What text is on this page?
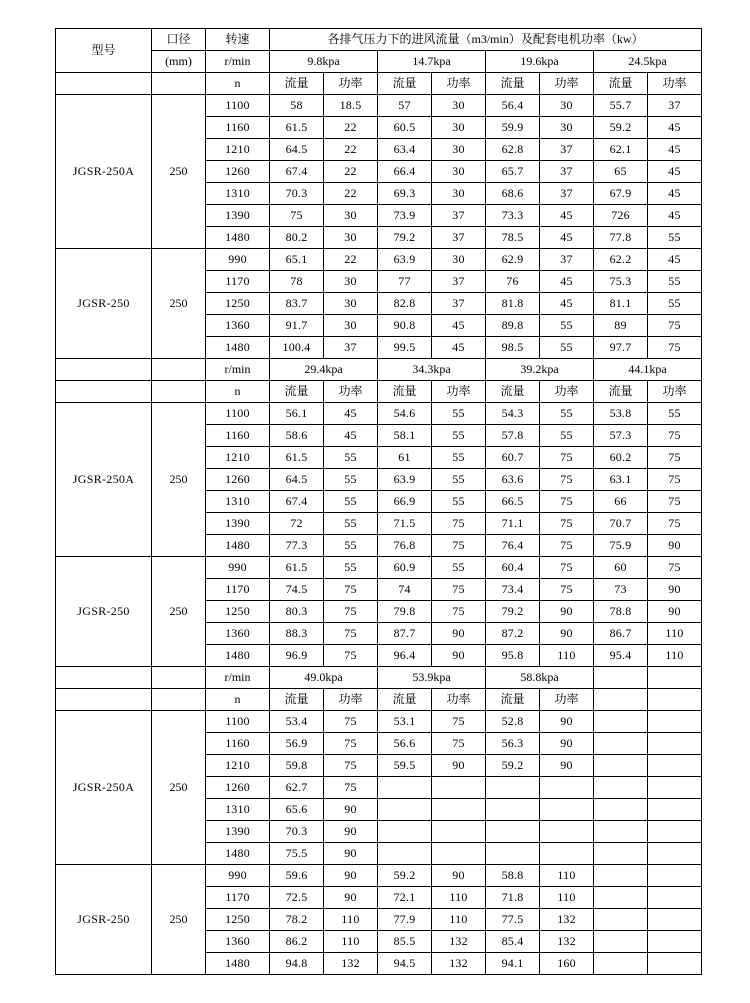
型号	口径	转速	各排气压力下的进风流量（m3/min）及配套电机功率（kw）							
	(mm)	r/min	9.8kpa		14.7kpa		19.6kpa		24.5kpa	
		n	流量	功率	流量	功率	流量	功率	流量	功率
JGSR-250A	250	1100	58	18.5	57	30	56.4	30	55.7	37
		1160	61.5	22	60.5	30	59.9	30	59.2	45
		1210	64.5	22	63.4	30	62.8	37	62.1	45
		1260	67.4	22	66.4	30	65.7	37	65	45
		1310	70.3	22	69.3	30	68.6	37	67.9	45
		1390	75	30	73.9	37	73.3	45	726	45
		1480	80.2	30	79.2	37	78.5	45	77.8	55
JGSR-250	250	990	65.1	22	63.9	30	62.9	37	62.2	45
		1170	78	30	77	37	76	45	75.3	55
		1250	83.7	30	82.8	37	81.8	45	81.1	55
		1360	91.7	30	90.8	45	89.8	55	89	75
		1480	100.4	37	99.5	45	98.5	55	97.7	75
		r/min	29.4kpa		34.3kpa		39.2kpa		44.1kpa	
		n	流量	功率	流量	功率	流量	功率	流量	功率
JGSR-250A	250	1100	56.1	45	54.6	55	54.3	55	53.8	55
		1160	58.6	45	58.1	55	57.8	55	57.3	75
		1210	61.5	55	61	55	60.7	75	60.2	75
		1260	64.5	55	63.9	55	63.6	75	63.1	75
		1310	67.4	55	66.9	55	66.5	75	66	75
		1390	72	55	71.5	75	71.1	75	70.7	75
		1480	77.3	55	76.8	75	76.4	75	75.9	90
JGSR-250	250	990	61.5	55	60.9	55	60.4	75	60	75
		1170	74.5	75	74	75	73.4	75	73	90
		1250	80.3	75	79.8	75	79.2	90	78.8	90
		1360	88.3	75	87.7	90	87.2	90	86.7	110
		1480	96.9	75	96.4	90	95.8	110	95.4	110
		r/min	49.0kpa		53.9kpa		58.8kpa			
		n	流量	功率	流量	功率	流量	功率		
JGSR-250A	250	1100	53.4	75	53.1	75	52.8	90		
		1160	56.9	75	56.6	75	56.3	90		
		1210	59.8	75	59.5	90	59.2	90		
		1260	62.7	75						
		1310	65.6	90						
		1390	70.3	90						
		1480	75.5	90						
JGSR-250	250	990	59.6	90	59.2	90	58.8	110		
		1170	72.5	90	72.1	110	71.8	110		
		1250	78.2	110	77.9	110	77.5	132		
		1360	86.2	110	85.5	132	85.4	132		
		1480	94.8	132	94.5	132	94.1	160		
